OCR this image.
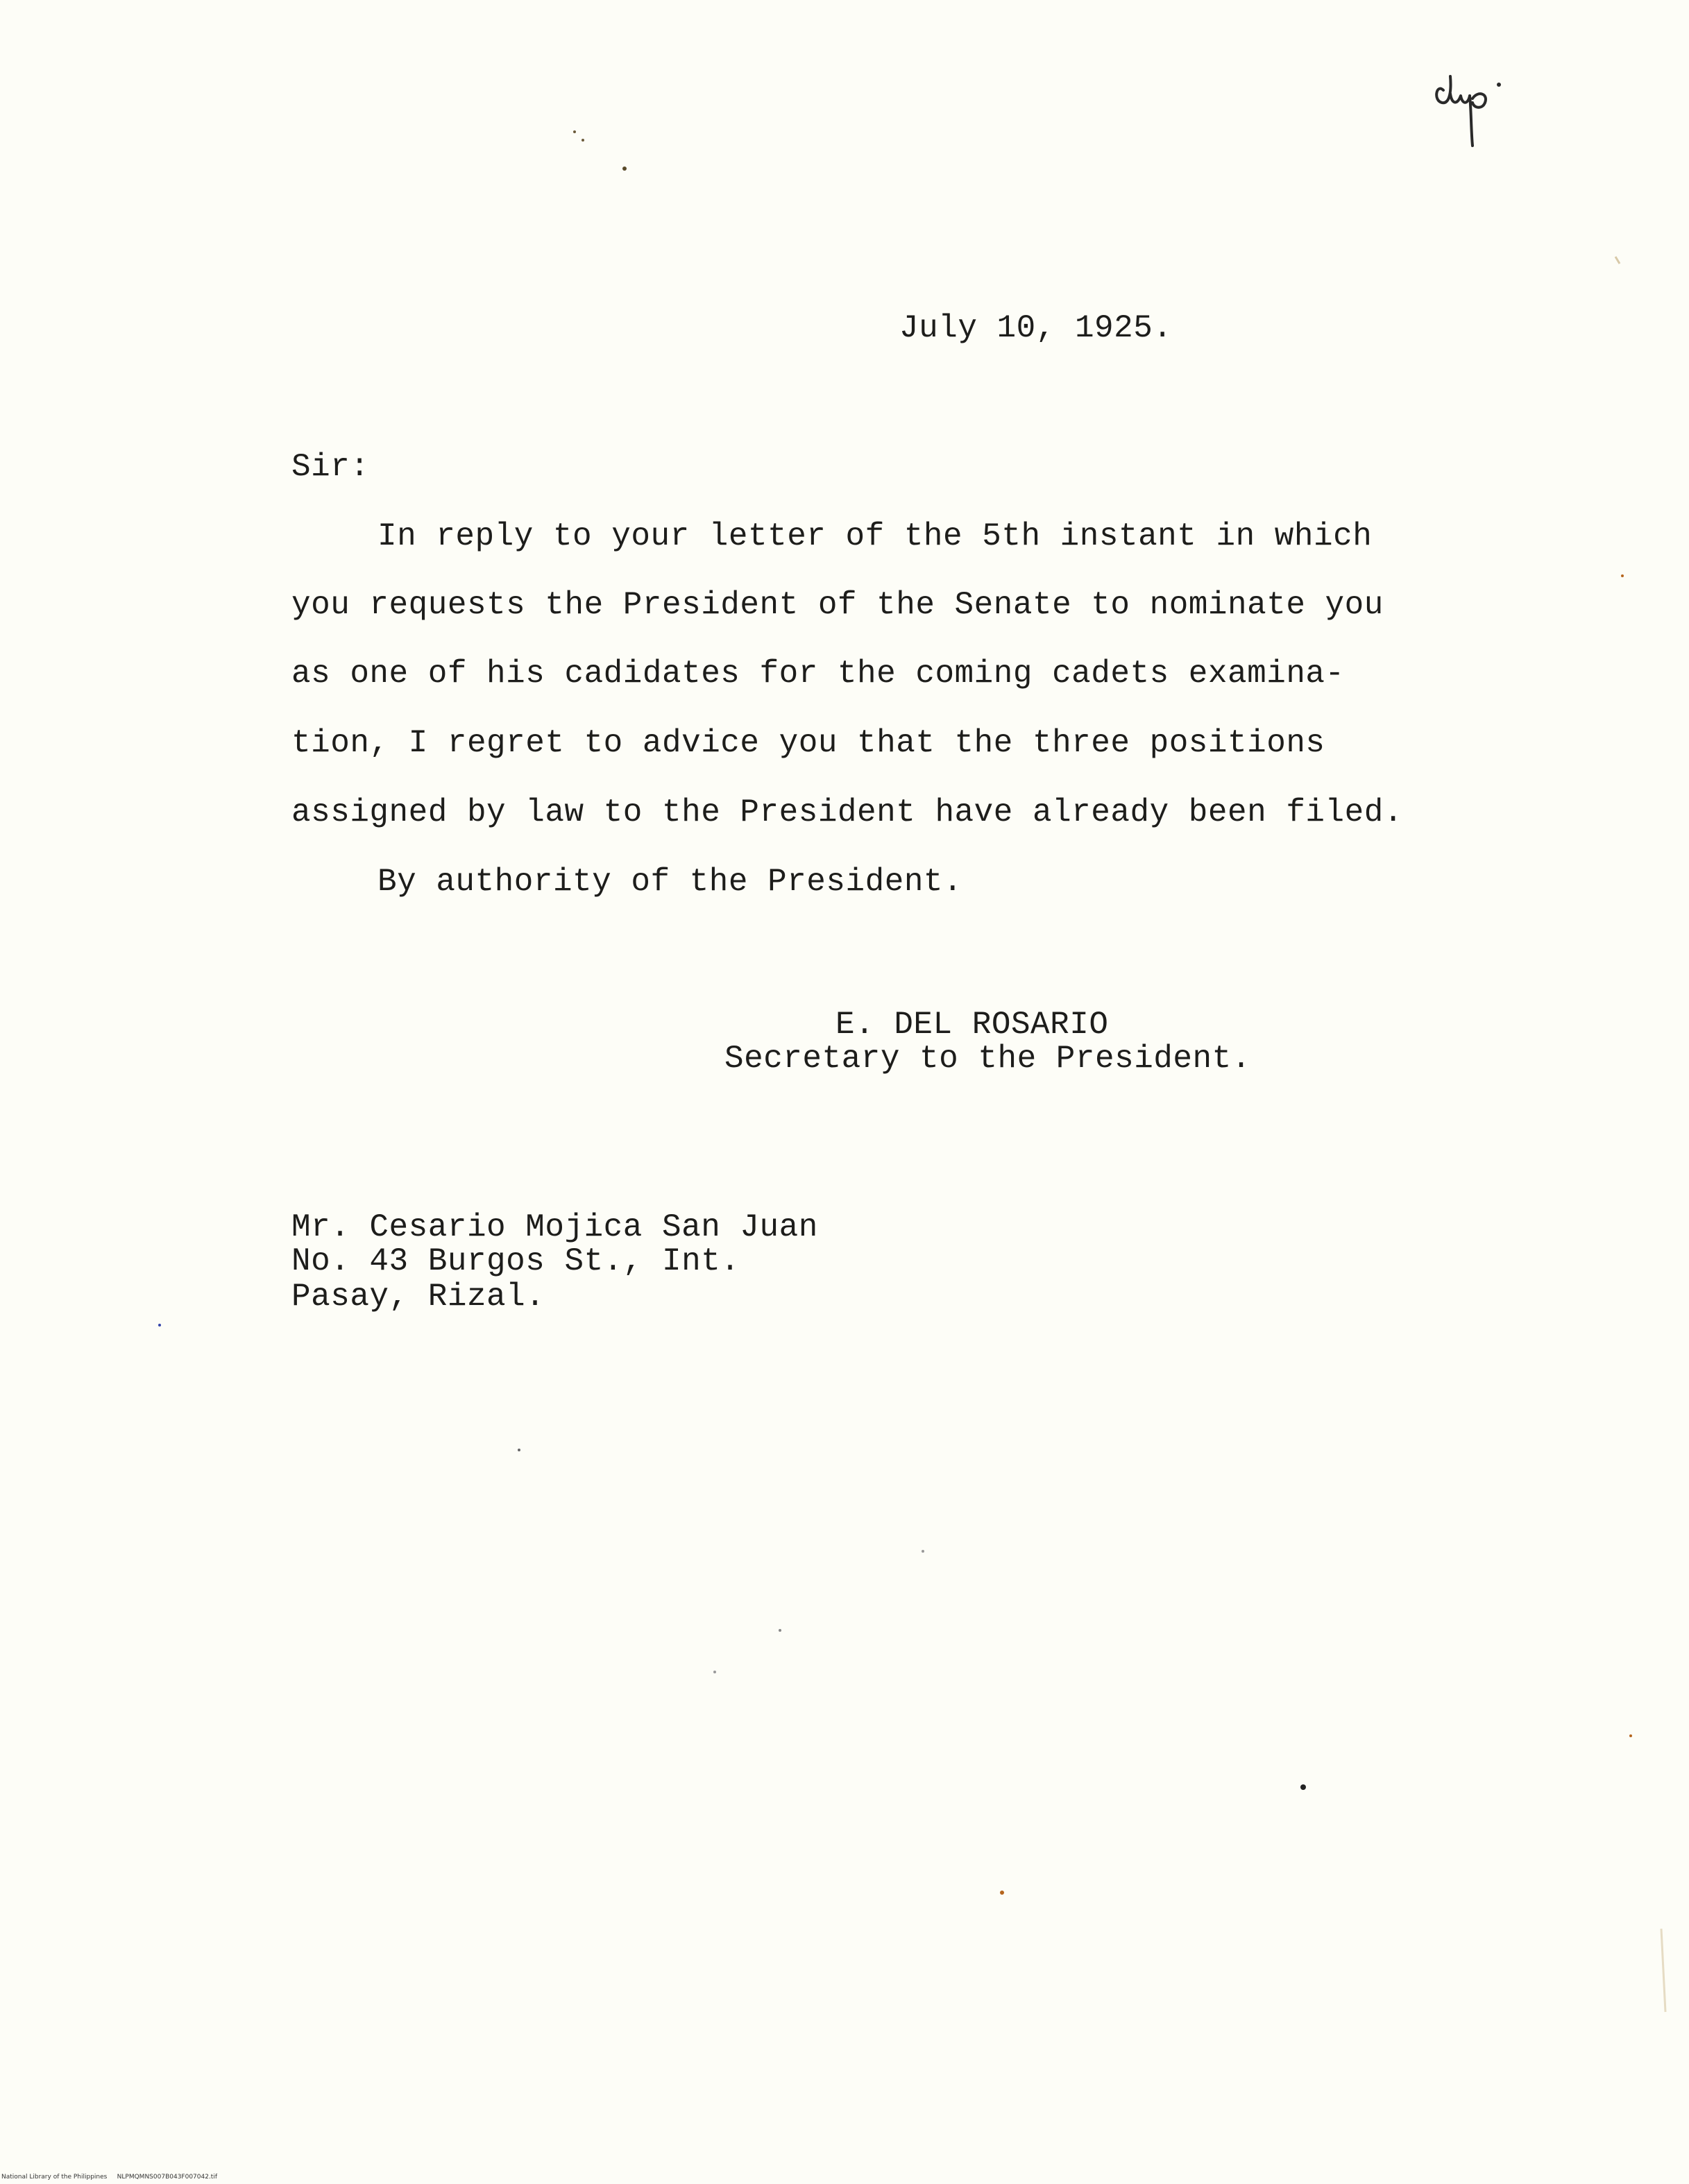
July 10, 1925.

Sir:

In reply to your letter of the 5th instant in which

you requests the President of the Senate to nominate you

as one of his cadidates for the coming cadets examina-

tion, I regret to advice you that the three positions

assigned by law to the President have already been filed.

By authority of the President.

E. DEL ROSARIO

Secretary to the President.

Mr. Cesario Mojica San Juan

No. 43 Burgos St., Int.

Pasay, Rizal.

National Library of the Philippines     NLPMQMNS007B043F007042.tif
